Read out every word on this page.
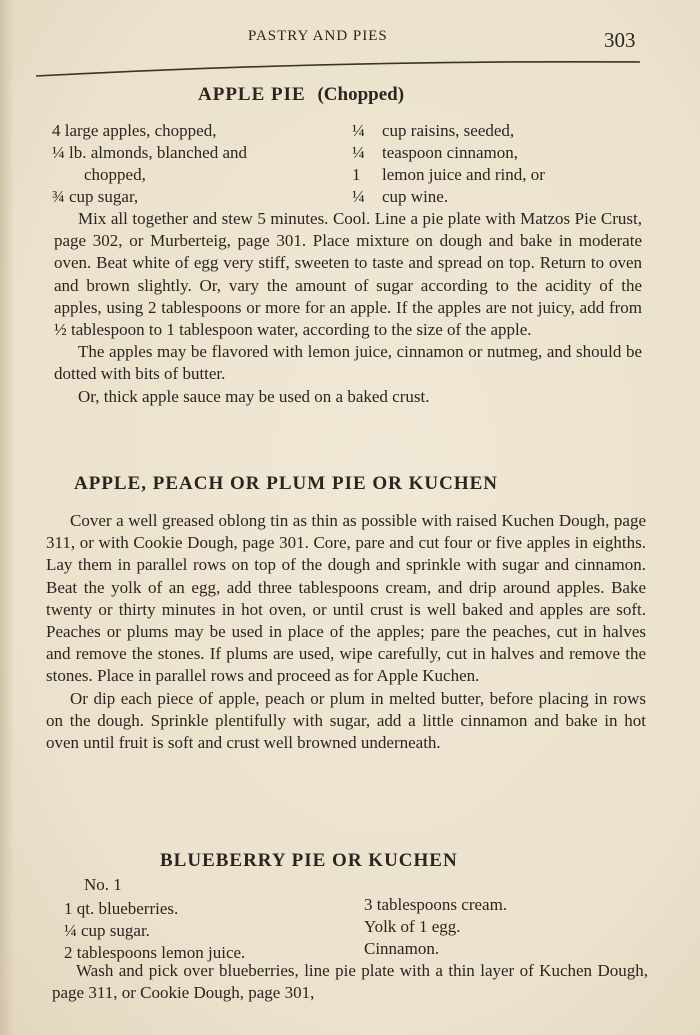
PASTRY AND PIES	303
APPLE PIE (Chopped)
4 large apples, chopped,
¼ lb. almonds, blanched and
chopped,
¾ cup sugar,
¼ cup raisins, seeded,
¼ teaspoon cinnamon,
1 lemon juice and rind, or
¼ cup wine.

Mix all together and stew 5 minutes. Cool. Line a pie plate with Matzos Pie Crust, page 302, or Murberteig, page 301. Place mixture on dough and bake in moderate oven. Beat white of egg very stiff, sweeten to taste and spread on top. Return to oven and brown slightly. Or, vary the amount of sugar according to the acidity of the apples, using 2 tablespoons or more for an apple. If the apples are not juicy, add from ½ tablespoon to 1 tablespoon water, according to the size of the apple.

The apples may be flavored with lemon juice, cinnamon or nutmeg, and should be dotted with bits of butter.

Or, thick apple sauce may be used on a baked crust.

APPLE, PEACH OR PLUM PIE OR KUCHEN

Cover a well greased oblong tin as thin as possible with raised Kuchen Dough, page 311, or with Cookie Dough, page 301. Core, pare and cut four or five apples in eighths. Lay them in parallel rows on top of the dough and sprinkle with sugar and cinnamon. Beat the yolk of an egg, add three tablespoons cream, and drip around apples. Bake twenty or thirty minutes in hot oven, or until crust is well baked and apples are soft. Peaches or plums may be used in place of the apples; pare the peaches, cut in halves and remove the stones. If plums are used, wipe carefully, cut in halves and remove the stones. Place in parallel rows and proceed as for Apple Kuchen.

Or dip each piece of apple, peach or plum in melted butter, before placing in rows on the dough. Sprinkle plentifully with sugar, add a little cinnamon and bake in hot oven until fruit is soft and crust well browned underneath.

BLUEBERRY PIE OR KUCHEN
No. 1
1 qt. blueberries.
¼ cup sugar.
2 tablespoons lemon juice.
3 tablespoons cream.
Yolk of 1 egg.
Cinnamon.

Wash and pick over blueberries, line pie plate with a thin layer of Kuchen Dough, page 311, or Cookie Dough, page 301,
